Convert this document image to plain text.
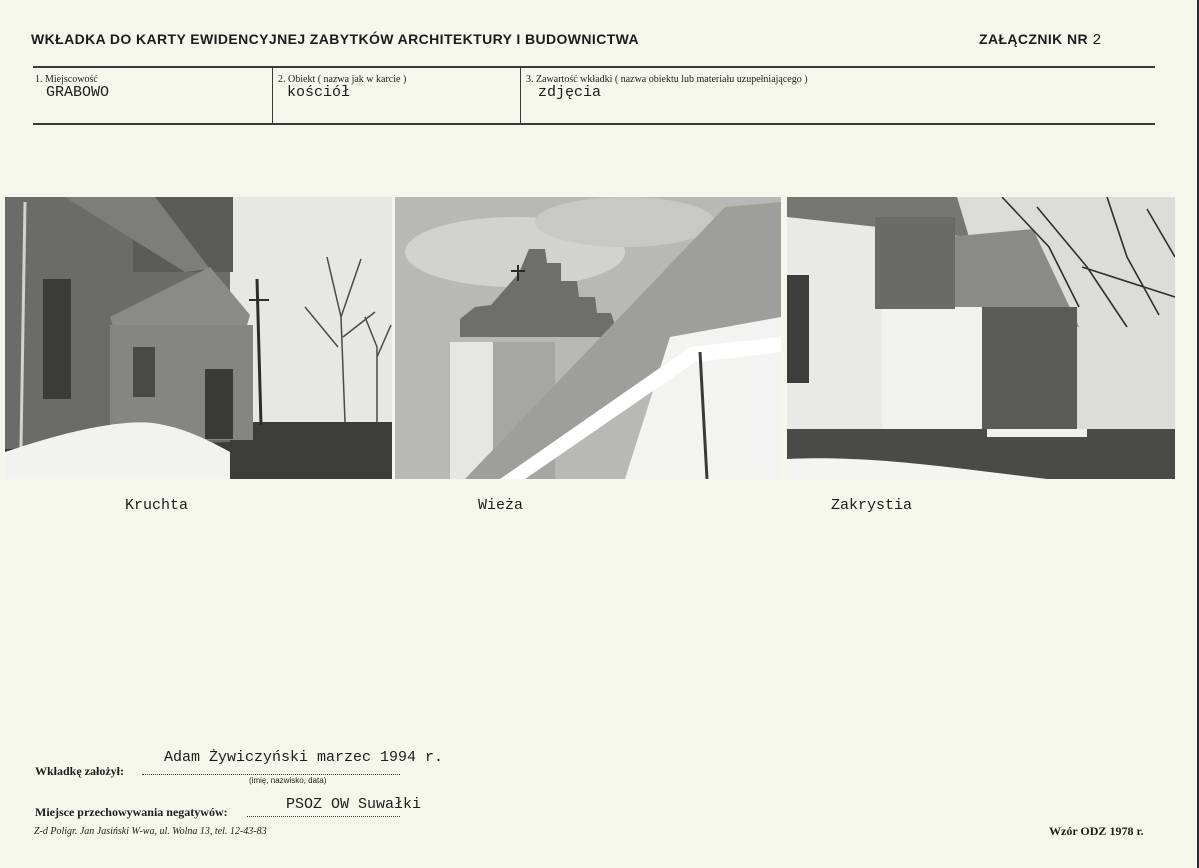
WKŁADKA DO KARTY EWIDENCYJNEJ ZABYTKÓW ARCHITEKTURY I BUDOWNICTWA	ZAŁĄCZNIK NR 2
1. Miejscowość
GRABOWO
2. Obiekt ( nazwa jak w karcie )
kościół
3. Zawartość wkładki ( nazwa obiektu lub materiału uzupełniającego )
zdjęcia
Kruchta	Wieża	Zakrystia
Adam Żywiczyński marzec 1994 r.
Wkładkę założył:
(imię, nazwisko, data)
PSOZ OW Suwałki
Miejsce przechowywania negatywów:
Z-d Poligr. Jan Jasiński W-wa, ul. Wolna 13, tel. 12-43-83	Wzór ODZ 1978 r.
